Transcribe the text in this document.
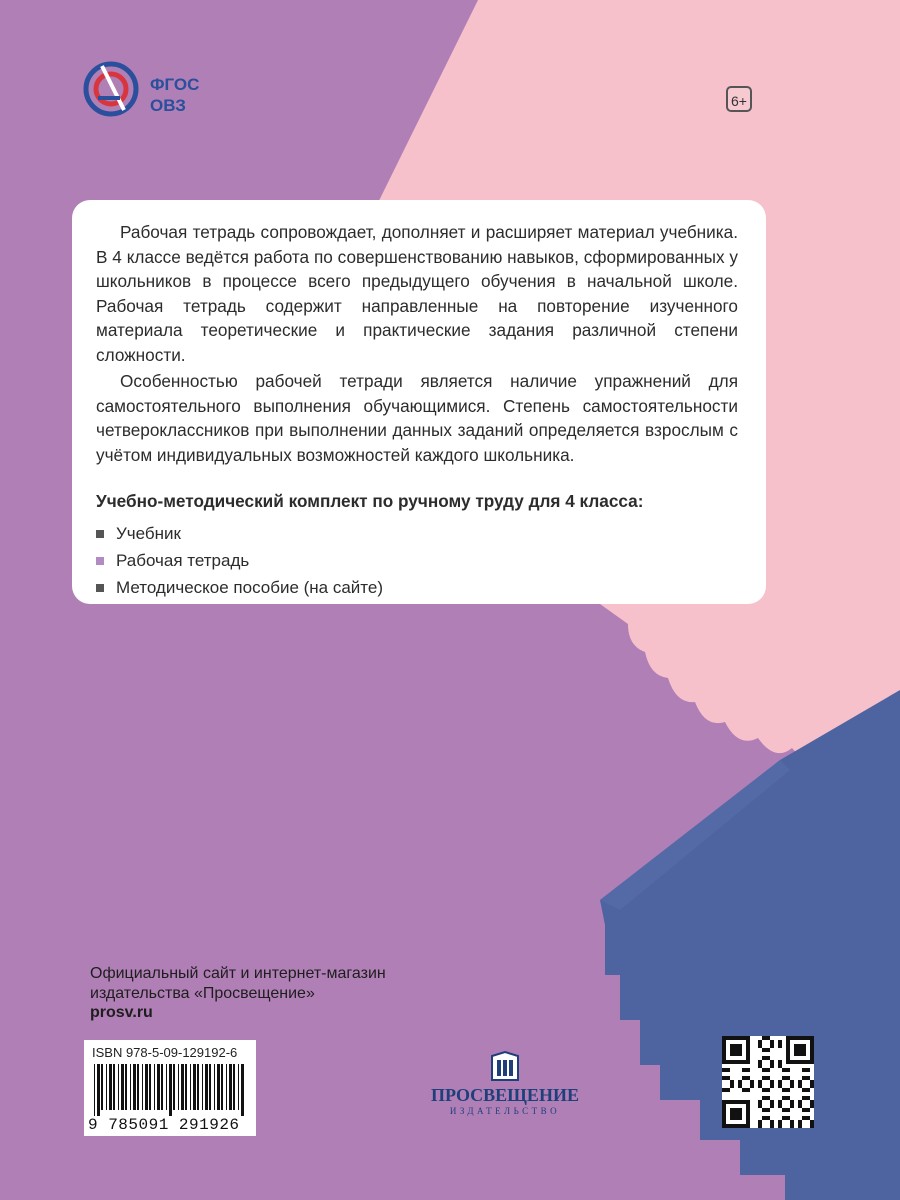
ФГОС
ОВЗ	6+

Рабочая тетрадь сопровождает, дополняет и расширяет материал учебника. В 4 классе ведётся работа по совершенствованию навыков, сформированных у школьников в процессе всего предыдущего обучения в начальной школе. Рабочая тетрадь содержит направленные на повторение изученного материала теоретические и практические задания различной степени сложности.

Особенностью рабочей тетради является наличие упражнений для самостоятельного выполнения обучающимися. Степень самостоятельности четвероклассников при выполнении данных заданий определяется взрослым с учётом индивидуальных возможностей каждого школьника.

Учебно-методический комплект по ручному труду для 4 класса:
Учебник
Рабочая тетрадь
Методическое пособие (на сайте)
Официальный сайт и интернет-магазин
издательства «Просвещение»
prosv.ru
ISBN 978-5-09-129192-6
9 785091 291926
ПРОСВЕЩЕНИЕ
ИЗДАТЕЛЬСТВО
